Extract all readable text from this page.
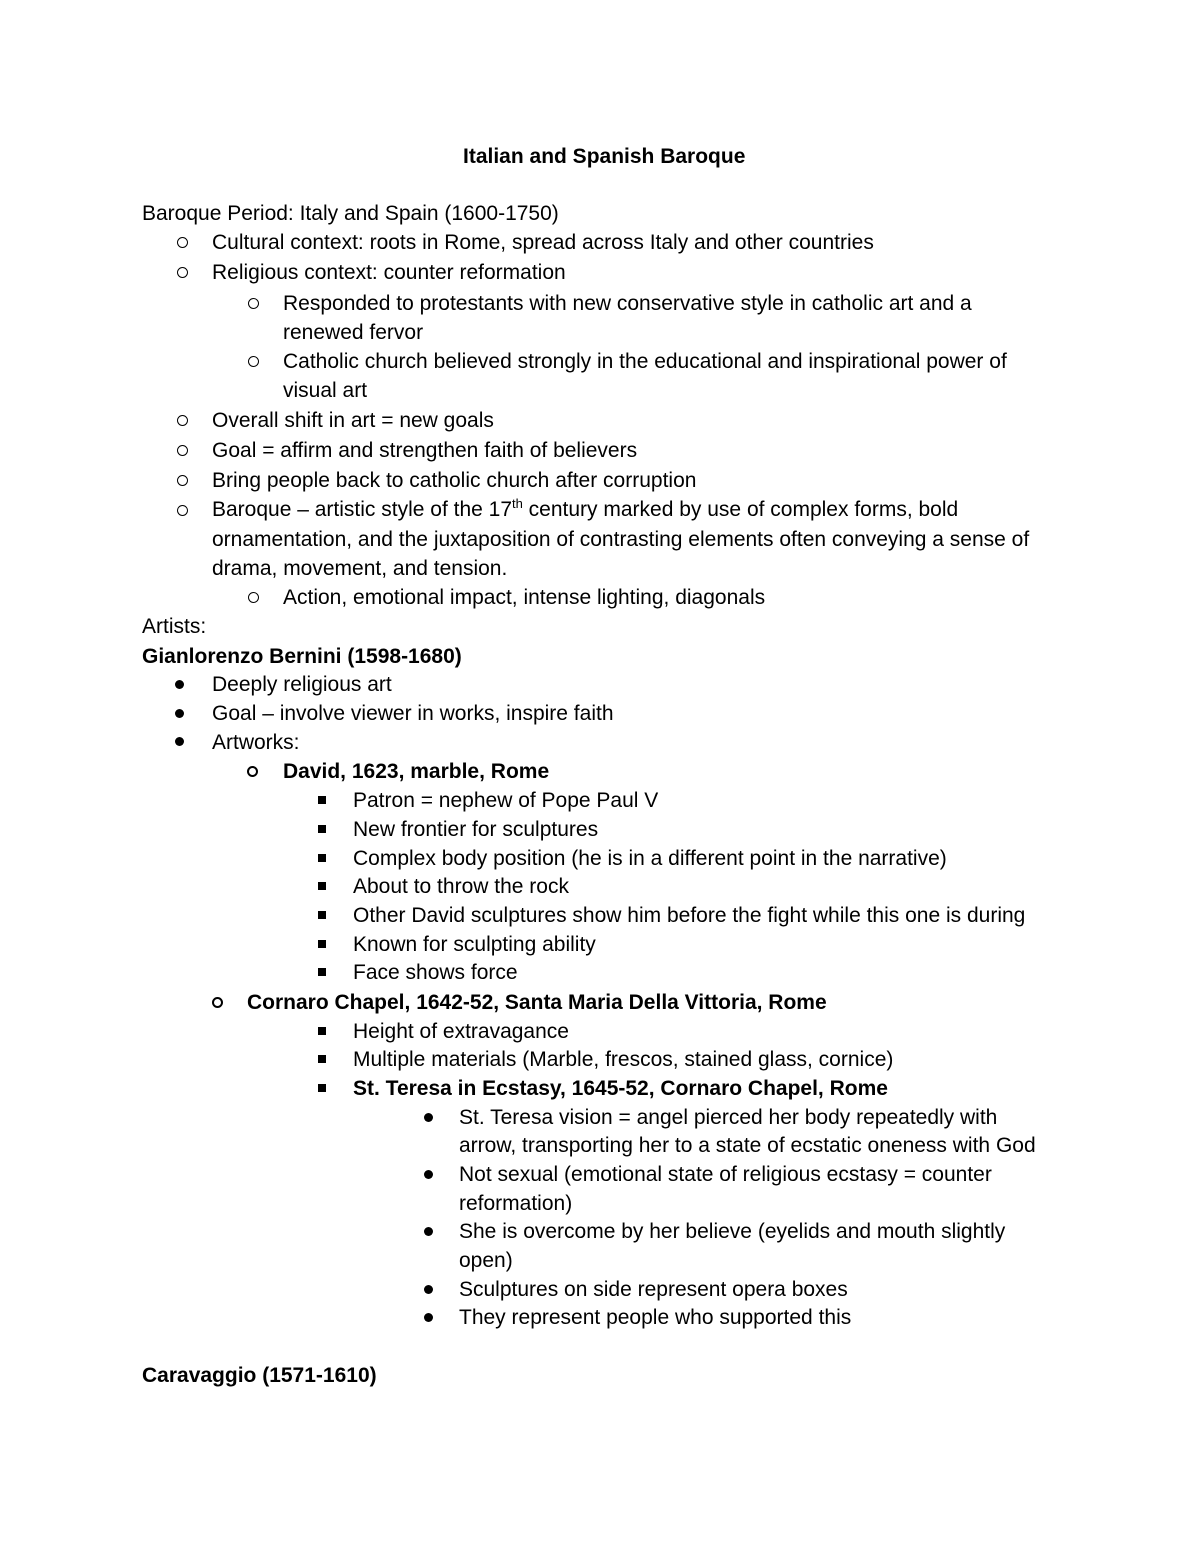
Italian and Spanish Baroque
Baroque Period: Italy and Spain (1600-1750)
Cultural context: roots in Rome, spread across Italy and other countries
Religious context: counter reformation
Responded to protestants with new conservative style in catholic art and a
renewed fervor
Catholic church believed strongly in the educational and inspirational power of
visual art
Overall shift in art = new goals
Goal = affirm and strengthen faith of believers
Bring people back to catholic church after corruption
Baroque – artistic style of the 17th century marked by use of complex forms, bold
ornamentation, and the juxtaposition of contrasting elements often conveying a sense of
drama, movement, and tension.
Action, emotional impact, intense lighting, diagonals
Artists:
Gianlorenzo Bernini (1598-1680)
Deeply religious art
Goal – involve viewer in works, inspire faith
Artworks:
David, 1623, marble, Rome
Patron = nephew of Pope Paul V
New frontier for sculptures
Complex body position (he is in a different point in the narrative)
About to throw the rock
Other David sculptures show him before the fight while this one is during
Known for sculpting ability
Face shows force
Cornaro Chapel, 1642-52, Santa Maria Della Vittoria, Rome
Height of extravagance
Multiple materials (Marble, frescos, stained glass, cornice)
St. Teresa in Ecstasy, 1645-52, Cornaro Chapel, Rome
St. Teresa vision = angel pierced her body repeatedly with
arrow, transporting her to a state of ecstatic oneness with God
Not sexual (emotional state of religious ecstasy = counter
reformation)
She is overcome by her believe (eyelids and mouth slightly
open)
Sculptures on side represent opera boxes
They represent people who supported this
Caravaggio (1571-1610)
